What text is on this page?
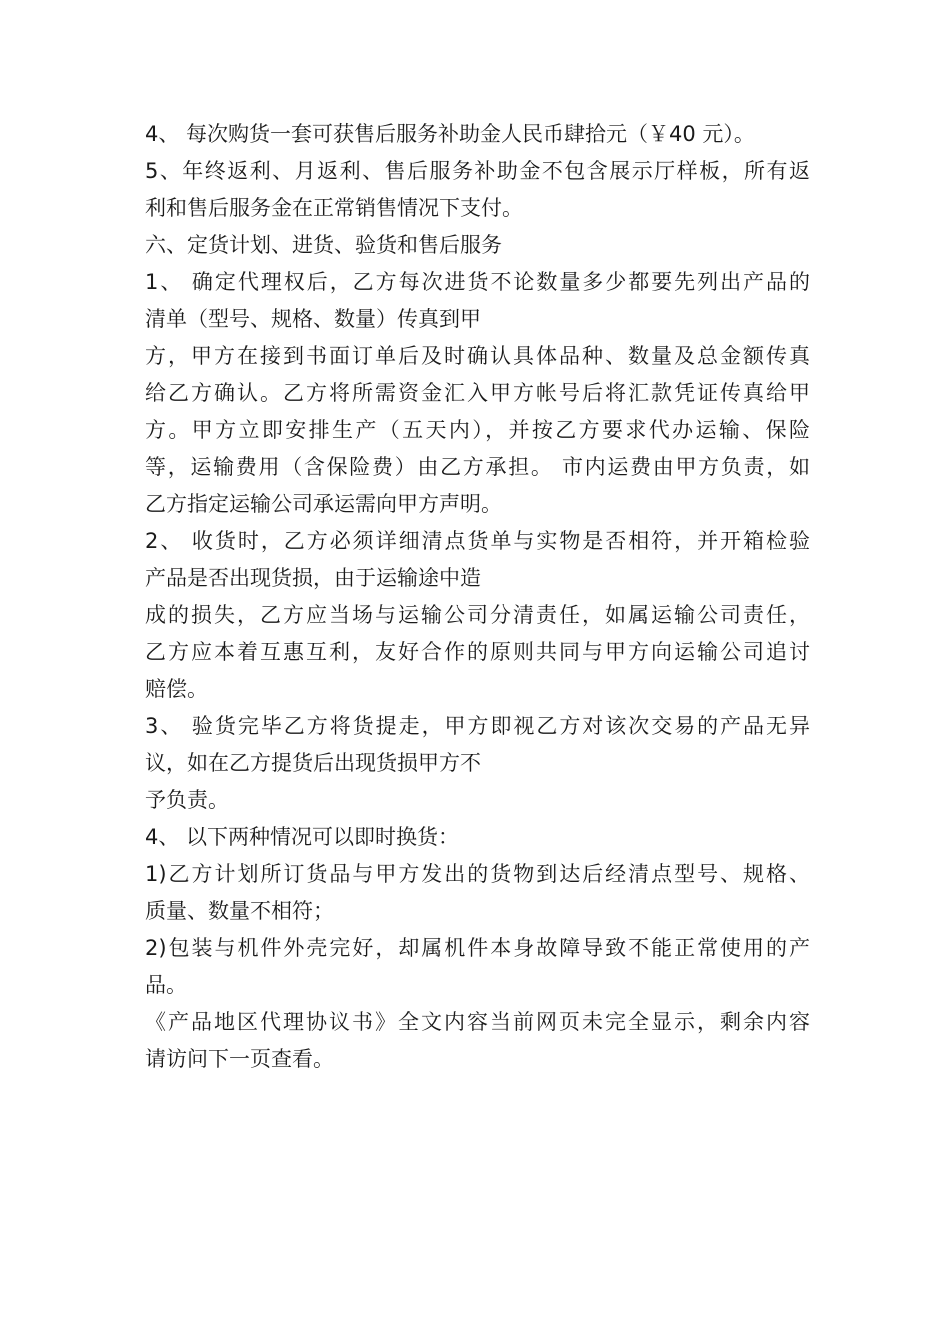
4、 每次购货一套可获售后服务补助金人民币肆拾元（￥40 元）。
5、年终返利、月返利、售后服务补助金不包含展示厅样板，所有返
利和售后服务金在正常销售情况下支付。
六、定货计划、进货、验货和售后服务
1、 确定代理权后，乙方每次进货不论数量多少都要先列出产品的
清单（型号、规格、数量）传真到甲
方，甲方在接到书面订单后及时确认具体品种、数量及总金额传真
给乙方确认。乙方将所需资金汇入甲方帐号后将汇款凭证传真给甲
方。甲方立即安排生产（五天内），并按乙方要求代办运输、保险
等，运输费用（含保险费）由乙方承担。 市内运费由甲方负责，如
乙方指定运输公司承运需向甲方声明。
2、 收货时，乙方必须详细清点货单与实物是否相符，并开箱检验
产品是否出现货损，由于运输途中造
成的损失，乙方应当场与运输公司分清责任，如属运输公司责任，
乙方应本着互惠互利，友好合作的原则共同与甲方向运输公司追讨
赔偿。
3、 验货完毕乙方将货提走，甲方即视乙方对该次交易的产品无异
议，如在乙方提货后出现货损甲方不
予负责。
4、 以下两种情况可以即时换货：
1)乙方计划所订货品与甲方发出的货物到达后经清点型号、规格、
质量、数量不相符；
2)包装与机件外壳完好，却属机件本身故障导致不能正常使用的产
品。
《产品地区代理协议书》全文内容当前网页未完全显示，剩余内容
请访问下一页查看。
